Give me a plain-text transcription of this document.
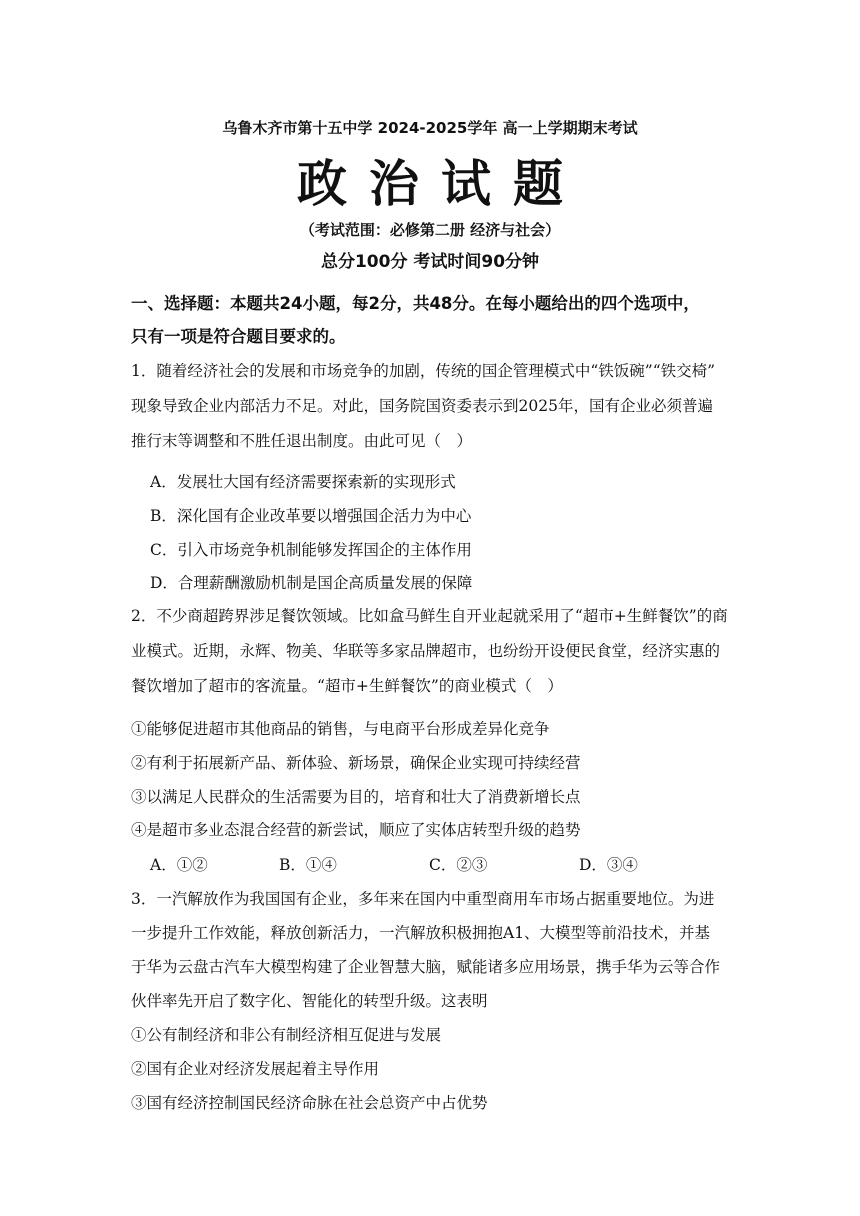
乌鲁木齐市第十五中学 2024-2025学年 高一上学期期末考试
政治试题
（考试范围：必修第二册 经济与社会）
总分100分 考试时间90分钟
一、选择题：本题共24小题，每2分，共48分。在每小题给出的四个选项中，
只有一项是符合题目要求的。
1．随着经济社会的发展和市场竞争的加剧，传统的国企管理模式中“铁饭碗”“铁交椅”
现象导致企业内部活力不足。对此，国务院国资委表示到2025年，国有企业必须普遍
推行末等调整和不胜任退出制度。由此可见（　）
A．发展壮大国有经济需要探索新的实现形式
B．深化国有企业改革要以增强国企活力为中心
C．引入市场竞争机制能够发挥国企的主体作用
D．合理薪酬激励机制是国企高质量发展的保障
2．不少商超跨界涉足餐饮领域。比如盒马鲜生自开业起就采用了“超市+生鲜餐饮”的商
业模式。近期，永辉、物美、华联等多家品牌超市，也纷纷开设便民食堂，经济实惠的
餐饮增加了超市的客流量。“超市+生鲜餐饮”的商业模式（　）
①能够促进超市其他商品的销售，与电商平台形成差异化竞争
②有利于拓展新产品、新体验、新场景，确保企业实现可持续经营
③以满足人民群众的生活需要为目的，培育和壮大了消费新增长点
④是超市多业态混合经营的新尝试，顺应了实体店转型升级的趋势
A．①②	B．①④	C．②③	D．③④
3．一汽解放作为我国国有企业，多年来在国内中重型商用车市场占据重要地位。为进
一步提升工作效能，释放创新活力，一汽解放积极拥抱A1、大模型等前沿技术，并基
于华为云盘古汽车大模型构建了企业智慧大脑，赋能诸多应用场景，携手华为云等合作
伙伴率先开启了数字化、智能化的转型升级。这表明
①公有制经济和非公有制经济相互促进与发展
②国有企业对经济发展起着主导作用
③国有经济控制国民经济命脉在社会总资产中占优势
